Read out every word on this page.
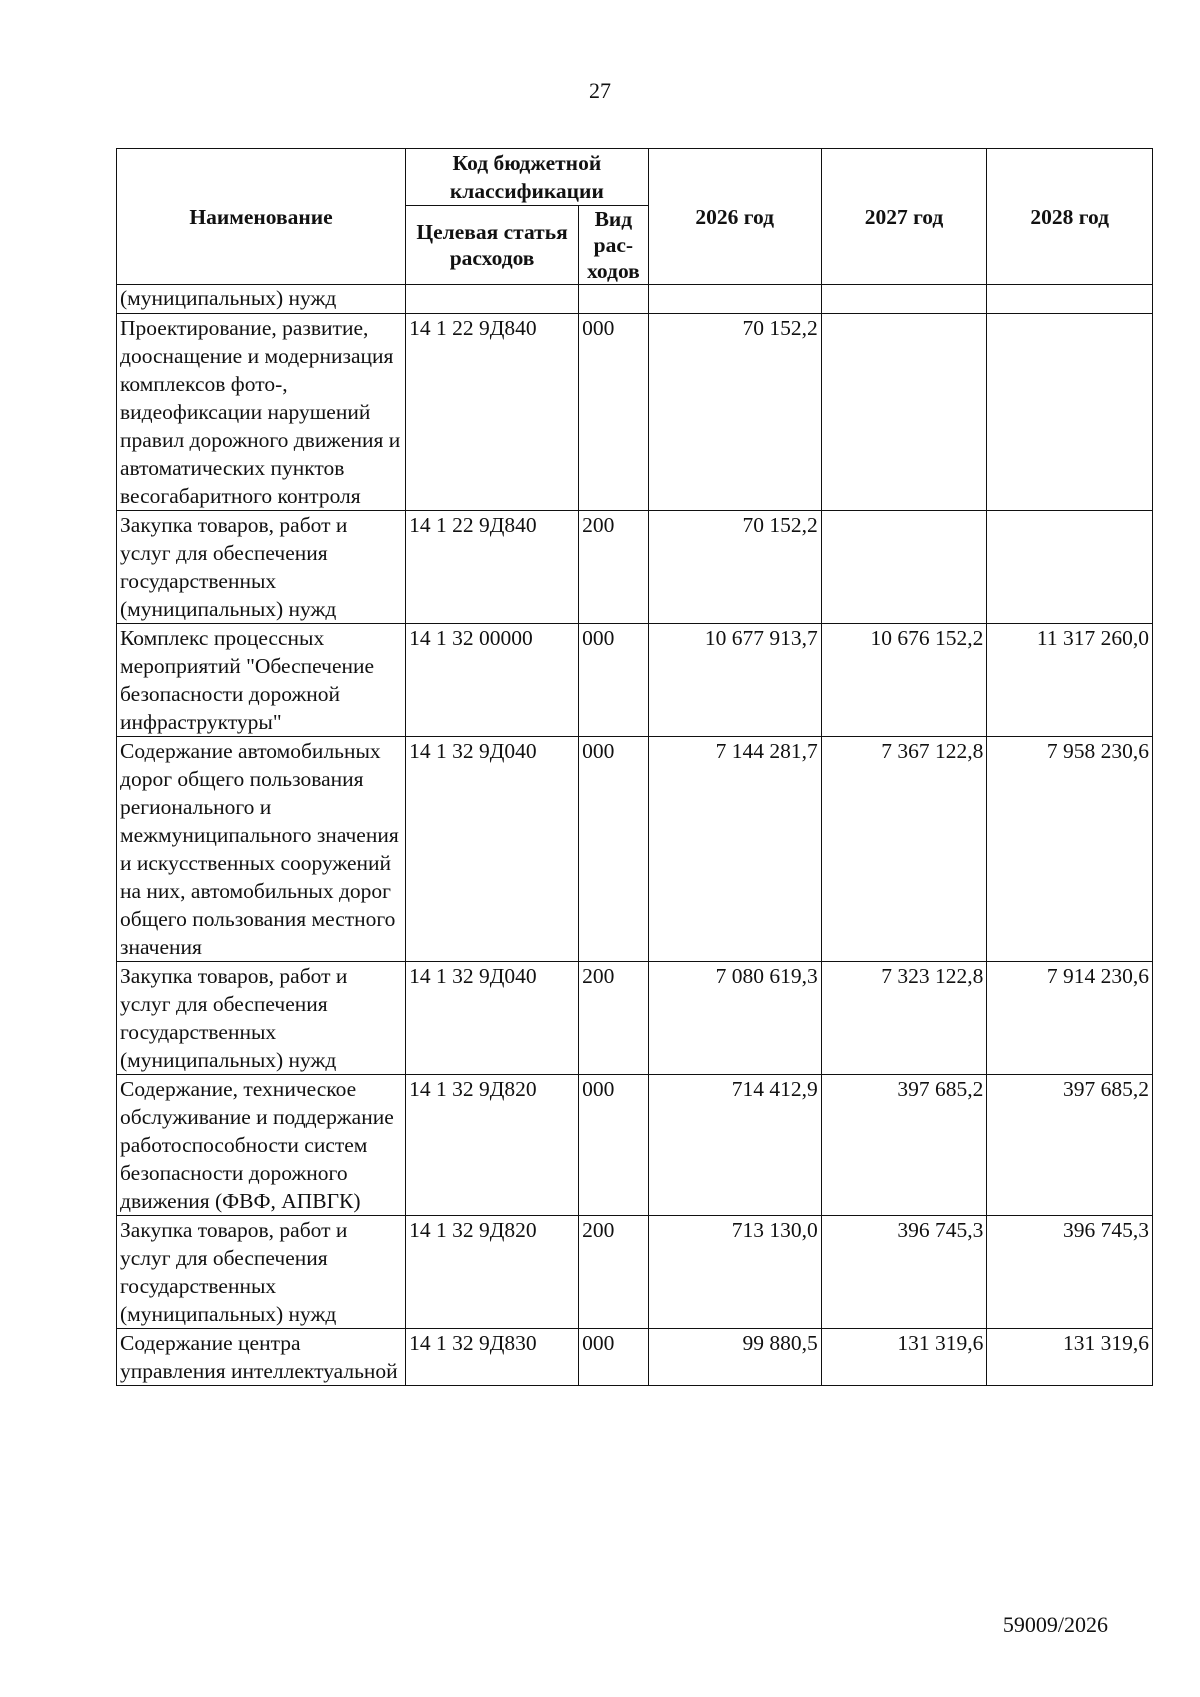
27
Наименование	Код бюджетной классификации		2026 год	2027 год	2028 год
	Целевая статья расходов	Вид рас-ходов			
(муниципальных) нужд					
Проектирование, развитие, дооснащение и модернизация комплексов фото-, видеофиксации нарушений правил дорожного движения и автоматических пунктов весогабаритного контроля	14 1 22 9Д840	000	70 152,2		
Закупка товаров, работ и услуг для обеспечения государственных (муниципальных) нужд	14 1 22 9Д840	200	70 152,2		
Комплекс процессных мероприятий "Обеспечение безопасности дорожной инфраструктуры"	14 1 32 00000	000	10 677 913,7	10 676 152,2	11 317 260,0
Содержание автомобильных дорог общего пользования регионального и межмуниципального значения и искусственных сооружений на них, автомобильных дорог общего пользования местного значения	14 1 32 9Д040	000	7 144 281,7	7 367 122,8	7 958 230,6
Закупка товаров, работ и услуг для обеспечения государственных (муниципальных) нужд	14 1 32 9Д040	200	7 080 619,3	7 323 122,8	7 914 230,6
Содержание, техническое обслуживание и поддержание работоспособности систем безопасности дорожного движения (ФВФ, АПВГК)	14 1 32 9Д820	000	714 412,9	397 685,2	397 685,2
Закупка товаров, работ и услуг для обеспечения государственных (муниципальных) нужд	14 1 32 9Д820	200	713 130,0	396 745,3	396 745,3
Содержание центра управления интеллектуальной	14 1 32 9Д830	000	99 880,5	131 319,6	131 319,6
59009/2026
